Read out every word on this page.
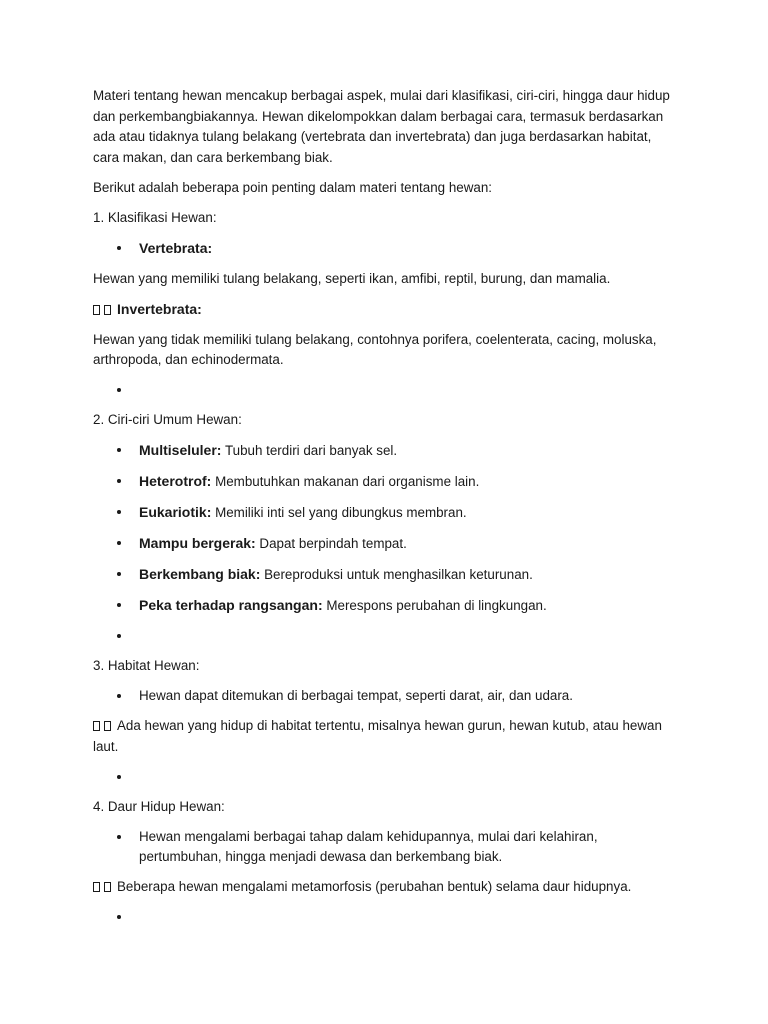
Materi tentang hewan mencakup berbagai aspek, mulai dari klasifikasi, ciri-ciri, hingga daur hidup dan perkembangbiakannya. Hewan dikelompokkan dalam berbagai cara, termasuk berdasarkan ada atau tidaknya tulang belakang (vertebrata dan invertebrata) dan juga berdasarkan habitat, cara makan, dan cara berkembang biak.

Berikut adalah beberapa poin penting dalam materi tentang hewan:

1. Klasifikasi Hewan:

Vertebrata:

Hewan yang memiliki tulang belakang, seperti ikan, amfibi, reptil, burung, dan mamalia.

Invertebrata:

Hewan yang tidak memiliki tulang belakang, contohnya porifera, coelenterata, cacing, moluska, arthropoda, dan echinodermata.

2. Ciri-ciri Umum Hewan:

Multiseluler: Tubuh terdiri dari banyak sel.
Heterotrof: Membutuhkan makanan dari organisme lain.
Eukariotik: Memiliki inti sel yang dibungkus membran.
Mampu bergerak: Dapat berpindah tempat.
Berkembang biak: Bereproduksi untuk menghasilkan keturunan.
Peka terhadap rangsangan: Merespons perubahan di lingkungan.

3. Habitat Hewan:

Hewan dapat ditemukan di berbagai tempat, seperti darat, air, dan udara.

Ada hewan yang hidup di habitat tertentu, misalnya hewan gurun, hewan kutub, atau hewan laut.

4. Daur Hidup Hewan:

Hewan mengalami berbagai tahap dalam kehidupannya, mulai dari kelahiran, pertumbuhan, hingga menjadi dewasa dan berkembang biak.

Beberapa hewan mengalami metamorfosis (perubahan bentuk) selama daur hidupnya.
